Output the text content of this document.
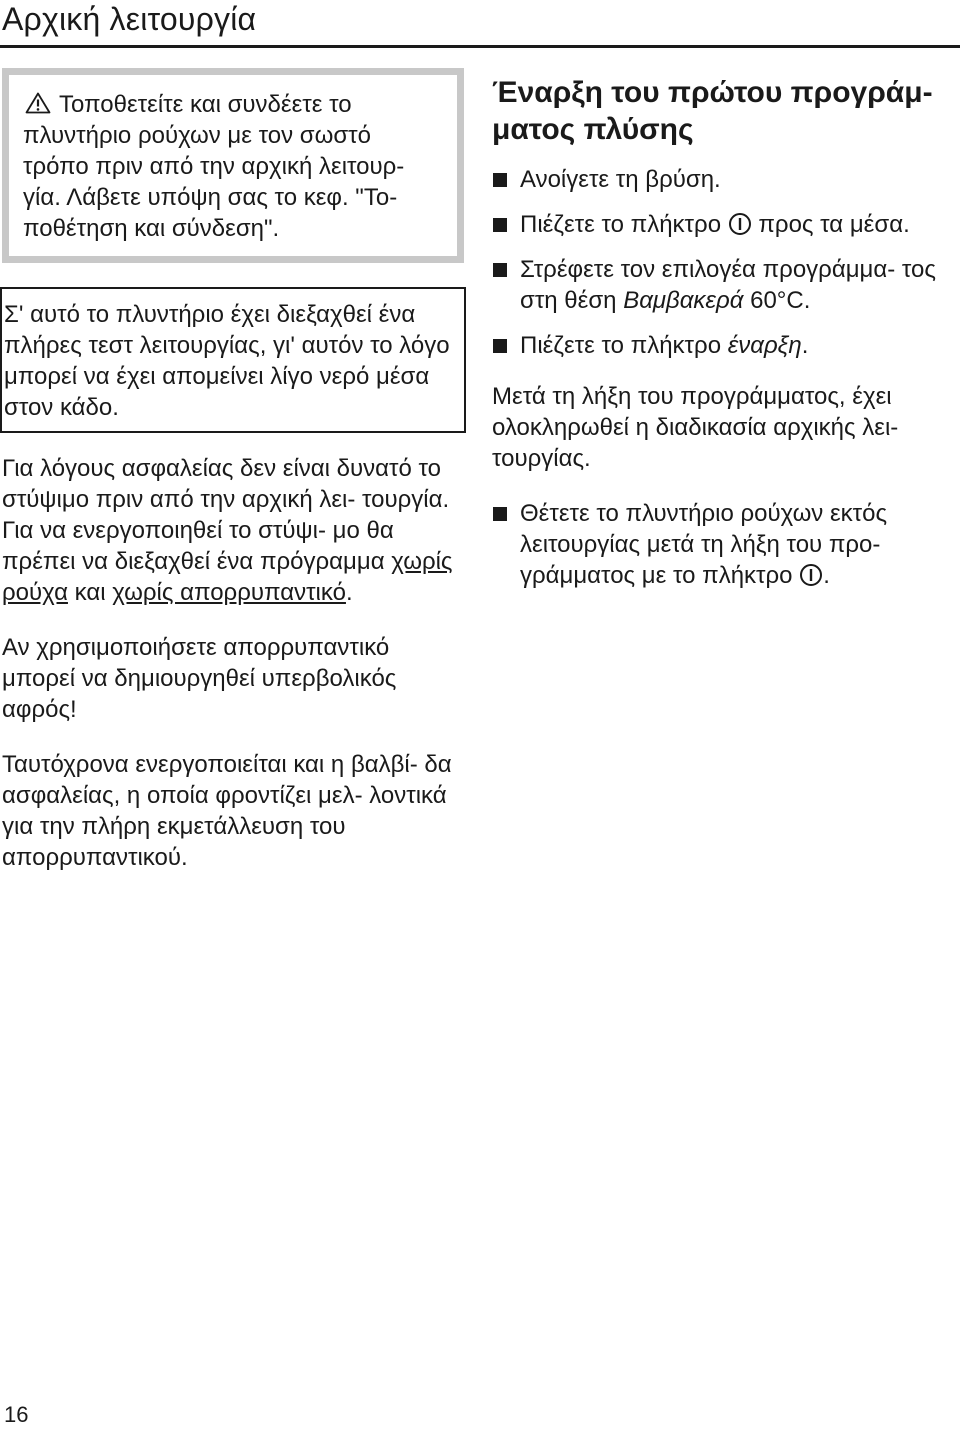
Αρχική λειτουργία

Τοποθετείτε και συνδέετε το πλυντήριο ρούχων με τον σωστό τρόπο πριν από την αρχική λειτουρ- γία. Λάβετε υπόψη σας το κεφ. "Το- ποθέτηση και σύνδεση".

Σ' αυτό το πλυντήριο έχει διεξαχθεί ένα πλήρες τεστ λειτουργίας, γι' αυτόν το λόγο μπορεί να έχει απομείνει λίγο νερό μέσα στον κάδο.

Για λόγους ασφαλείας δεν είναι δυνατό το στύψιμο πριν από την αρχική λει- τουργία. Για να ενεργοποιηθεί το στύψι- μο θα πρέπει να διεξαχθεί ένα πρόγραμμα χωρίς ρούχα και χωρίς απορρυπαντικό.

Αν χρησιμοποιήσετε απορρυπαντικό μπορεί να δημιουργηθεί υπερβολικός αφρός!

Ταυτόχρονα ενεργοποιείται και η βαλβί- δα ασφαλείας, η οποία φροντίζει μελ- λοντικά για την πλήρη εκμετάλλευση του απορρυπαντικού.

Έναρξη του πρώτου προγράμ- ματος πλύσης
Ανοίγετε τη βρύση.
Πιέζετε το πλήκτρο  προς τα μέσα.
Στρέφετε τον επιλογέα προγράμμα- τος στη θέση Βαμβακερά 60°C.
Πιέζετε το πλήκτρο έναρξη.

Μετά τη λήξη του προγράμματος, έχει ολοκληρωθεί η διαδικασία αρχικής λει- τουργίας.

Θέτετε το πλυντήριο ρούχων εκτός λειτουργίας μετά τη λήξη του προ- γράμματος με το πλήκτρο .
16
